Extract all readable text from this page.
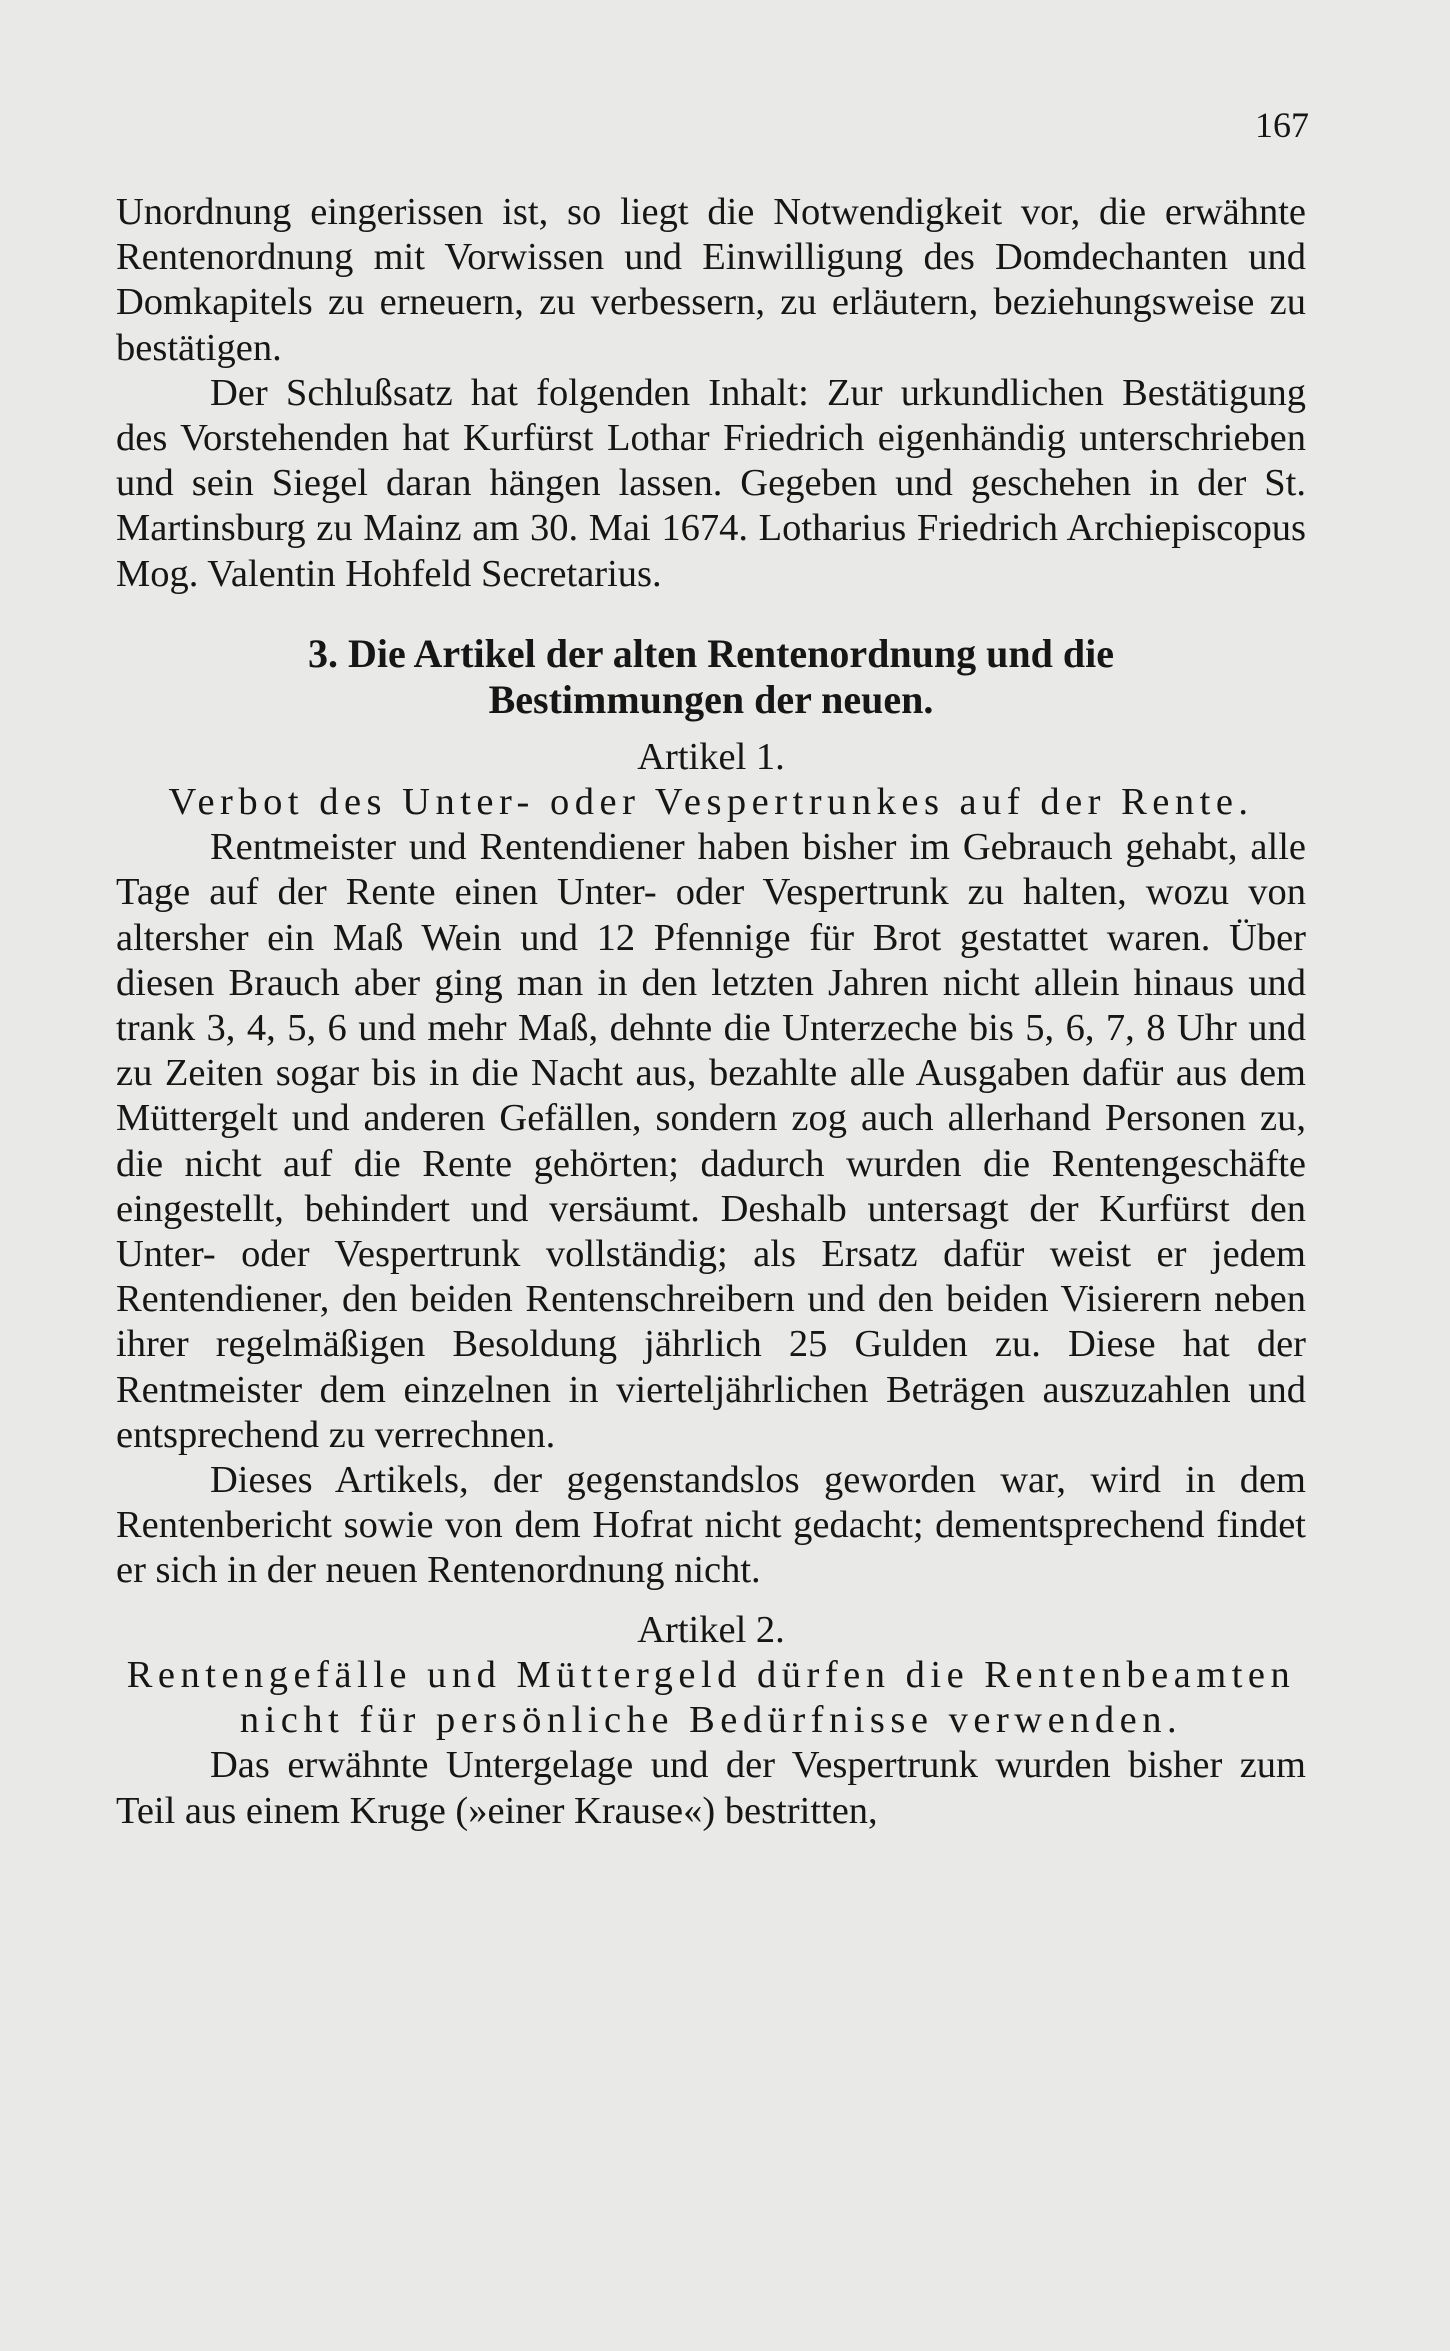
167

Unordnung eingerissen ist, so liegt die Notwendigkeit vor, die erwähnte Rentenordnung mit Vorwissen und Einwilligung des Domdechanten und Domkapitels zu erneuern, zu verbessern, zu erläutern, beziehungsweise zu bestätigen.

Der Schlußsatz hat folgenden Inhalt: Zur urkundlichen Bestätigung des Vorstehenden hat Kurfürst Lothar Friedrich eigenhändig unterschrieben und sein Siegel daran hängen lassen. Gegeben und geschehen in der St. Martinsburg zu Mainz am 30. Mai 1674. Lotharius Friedrich Archiepiscopus Mog. Valentin Hohfeld Secretarius.

3. Die Artikel der alten Rentenordnung und die Bestimmungen der neuen.

Artikel 1.

Verbot des Unter- oder Vespertrunkes auf der Rente.

Rentmeister und Rentendiener haben bisher im Gebrauch gehabt, alle Tage auf der Rente einen Unter- oder Vespertrunk zu halten, wozu von altersher ein Maß Wein und 12 Pfennige für Brot gestattet waren. Über diesen Brauch aber ging man in den letzten Jahren nicht allein hinaus und trank 3, 4, 5, 6 und mehr Maß, dehnte die Unterzeche bis 5, 6, 7, 8 Uhr und zu Zeiten sogar bis in die Nacht aus, bezahlte alle Ausgaben dafür aus dem Müttergelt und anderen Gefällen, sondern zog auch allerhand Personen zu, die nicht auf die Rente gehörten; dadurch wurden die Rentengeschäfte eingestellt, behindert und versäumt. Deshalb untersagt der Kurfürst den Unter- oder Vespertrunk vollständig; als Ersatz dafür weist er jedem Rentendiener, den beiden Rentenschreibern und den beiden Visierern neben ihrer regelmäßigen Besoldung jährlich 25 Gulden zu. Diese hat der Rentmeister dem einzelnen in vierteljährlichen Beträgen auszuzahlen und entsprechend zu verrechnen.

Dieses Artikels, der gegenstandslos geworden war, wird in dem Rentenbericht sowie von dem Hofrat nicht gedacht; dementsprechend findet er sich in der neuen Rentenordnung nicht.

Artikel 2.

Rentengefälle und Müttergeld dürfen die Rentenbeamten nicht für persönliche Bedürfnisse verwenden.

Das erwähnte Untergelage und der Vespertrunk wurden bisher zum Teil aus einem Kruge (»einer Krause«) bestritten,
